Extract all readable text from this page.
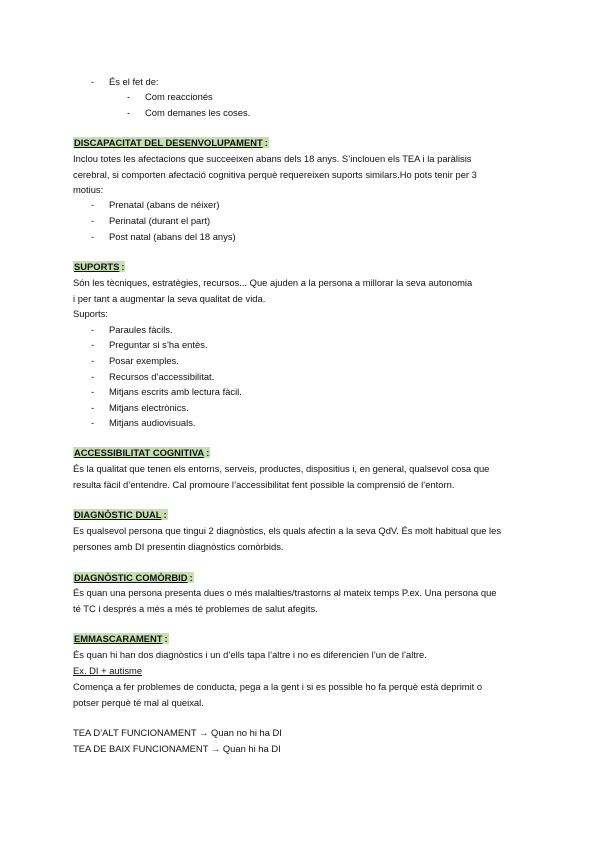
- És el fet de:
- Com reaccionés
- Com demanes les coses.
DISCAPACITAT DEL DESENVOLUPAMENT :
Inclou totes les afectacions que succeeixen abans dels 18 anys. S’inclouen els TEA i la paràlisis
cerebral, si comporten afectació cognitiva perquè requereixen suports similars.Ho pots tenir per 3
motius:
- Prenatal (abans de néixer)
- Perinatal (durant el part)
- Post natal (abans del 18 anys)
SUPORTS :
Són les tècniques, estratègies, recursos... Que ajuden a la persona a millorar la seva autonomia
i per tant a augmentar la seva qualitat de vida.
Suports:
- Paraules fàcils.
- Preguntar si s’ha entès.
- Posar exemples.
- Recursos d’accessibilitat.
- Mitjans escrits amb lectura fàcil.
- Mitjans electrònics.
- Mitjans audiovisuals.
ACCESSIBILITAT COGNITIVA :
És la qualitat que tenen els entorns, serveis, productes, dispositius i, en general, qualsevol cosa que
resulta fàcil d’entendre. Cal promoure l’accessibilitat fent possible la comprensió de l’entorn.
DIAGNÒSTIC DUAL :
Es qualsevol persona que tingui 2 diagnòstics, els quals afectin a la seva QdV. És molt habitual que les
persones amb DI presentin diagnòstics comòrbids.
DIAGNÒSTIC COMÒRBID :
És quan una persona presenta dues o més malalties/trastorns al mateix temps P.ex. Una persona que
té TC i després a més a més té problemes de salut afegits.
EMMASCARAMENT :
És quan hi han dos diagnòstics i un d’ells tapa l’altre i no es diferencien l’un de l’altre.
Ex. DI + autisme
Comença a fer problemes de conducta, pega a la gent i si es possible ho fa perquè està deprimit o
potser perquè té mal al queixal.
TEA D’ALT FUNCIONAMENT → Quan no hi ha DI
TEA DE BAIX FUNCIONAMENT → Quan hi ha DI
